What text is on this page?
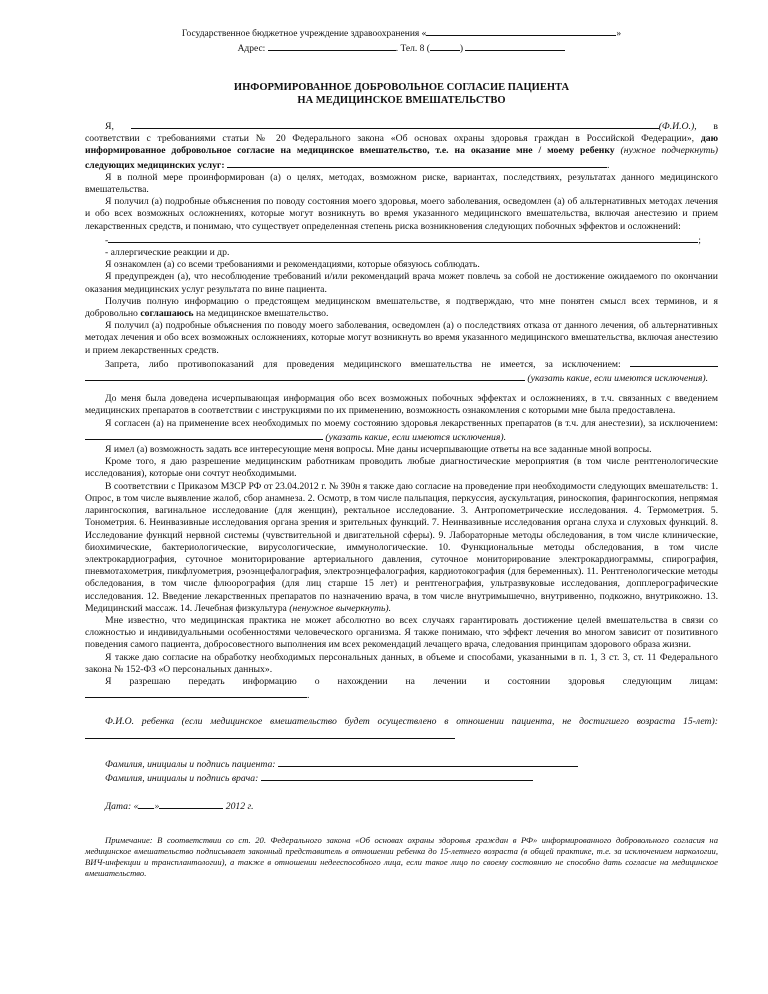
Государственное бюджетное учреждение здравоохранения «	»
Адрес:	. Тел. 8 (	)
ИНФОРМИРОВАННОЕ ДОБРОВОЛЬНОЕ СОГЛАСИЕ ПАЦИЕНТА
НА МЕДИЦИНСКОЕ ВМЕШАТЕЛЬСТВО

Я,	(Ф.И.О.), в соответствии с требованиями статьи № 20 Федерального закона «Об основах охраны здоровья граждан в Российской Федерации», даю информированное добровольное согласие на медицинское вмешательство, т.е. на оказание мне / моему ребенку (нужное подчеркнуть) следующих медицинских услуг:	.

Я в полной мере проинформирован (а) о целях, методах, возможном риске, вариантах, последствиях, результатах данного медицинского вмешательства.

Я получил (а) подробные объяснения по поводу состояния моего здоровья, моего заболевания, осведомлен (а) об альтернативных методах лечения и обо всех возможных осложнениях, которые могут возникнуть во время указанного медицинского вмешательства, включая анестезию и прием лекарственных средств, и понимаю, что существует определенная степень риска возникновения следующих побочных эффектов и осложнений:

-	;

- аллергические реакции и др.

Я ознакомлен (а) со всеми требованиями и рекомендациями, которые обязуюсь соблюдать.

Я предупрежден (а), что несоблюдение требований и/или рекомендаций врача может повлечь за собой не достижение ожидаемого по окончании оказания медицинских услуг результата по вине пациента.

Получив полную информацию о предстоящем медицинском вмешательстве, я подтверждаю, что мне понятен смысл всех терминов, и я добровольно соглашаюсь на медицинское вмешательство.

Я получил (а) подробные объяснения по поводу моего заболевания, осведомлен (а) о последствиях отказа от данного лечения, об альтернативных методах лечения и обо всех возможных осложнениях, которые могут возникнуть во время указанного медицинского вмешательства, включая анестезию и прием лекарственных средств.

Запрета, либо противопоказаний для проведения медицинского вмешательства не имеется, за исключением:   (указать какие, если имеются исключения).

До меня была доведена исчерпывающая информация обо всех возможных побочных эффектах и осложнениях, в т.ч. связанных с введением медицинских препаратов в соответствии с инструкциями по их применению, возможность ознакомления с которыми мне была предоставлена.

Я согласен (а) на применение всех необходимых по моему состоянию здоровья лекарственных препаратов (в т.ч. для анестезии), за исключением:  (указать какие, если имеются исключения).

Я имел (а) возможность задать все интересующие меня вопросы. Мне даны исчерпывающие ответы на все заданные мной вопросы.

Кроме того, я даю разрешение медицинским работникам проводить любые диагностические мероприятия (в том числе рентгенологические исследования), которые они сочтут необходимыми.

В соответствии с Приказом МЗСР РФ от 23.04.2012 г. № 390н я также даю согласие на проведение при необходимости следующих вмешательств: 1. Опрос, в том числе выявление жалоб, сбор анамнеза. 2. Осмотр, в том числе пальпация, перкуссия, аускультация, риноскопия, фарингоскопия, непрямая ларингоскопия, вагинальное исследование (для женщин), ректальное исследование. 3. Антропометрические исследования. 4. Термометрия. 5. Тонометрия. 6. Неинвазивные исследования органа зрения и зрительных функций. 7. Неинвазивные исследования органа слуха и слуховых функций. 8. Исследование функций нервной системы (чувствительной и двигательной сферы). 9. Лабораторные методы обследования, в том числе клинические, биохимические, бактериологические, вирусологические, иммунологические. 10. Функциональные методы обследования, в том числе электрокардиография, суточное мониторирование артериального давления, суточное мониторирование электрокардиограммы, спирография, пневмотахометрия, пикфлуометрия, рэоэнцефалография, электроэнцефалография, кардиотокография (для беременных). 11. Рентгенологические методы обследования, в том числе флюорография (для лиц старше 15 лет) и рентгенография, ультразвуковые исследования, допплерографические исследования. 12. Введение лекарственных препаратов по назначению врача, в том числе внутримышечно, внутривенно, подкожно, внутрикожно. 13. Медицинский массаж. 14. Лечебная физкультура (ненужное вычеркнуть).

Мне известно, что медицинская практика не может абсолютно во всех случаях гарантировать достижение целей вмешательства в связи со сложностью и индивидуальными особенностями человеческого организма. Я также понимаю, что эффект лечения во многом зависит от позитивного поведения самого пациента, добросовестного выполнения им всех рекомендаций лечащего врача, следования принципам здорового образа жизни.

Я также даю согласие на обработку необходимых персональных данных, в объеме и способами, указанными в п. 1, 3 ст. 3, ст. 11 Федерального закона № 152-ФЗ «О персональных данных».

Я разрешаю передать информацию о нахождении на лечении и состоянии здоровья следующим лицам:

.

Ф.И.О. ребенка (если медицинское вмешательство будет осуществлено в отношении пациента, не достигшего возраста 15-лет):

Фамилия, инициалы и подпись пациента:

Фамилия, инициалы и подпись врача:

Дата: « »	2012 г.

Примечание: В соответствии со ст. 20. Федерального закона «Об основах охраны здоровья граждан в РФ» информированного добровольного согласия на медицинское вмешательство подписывает законный представитель в отношении ребенка до 15-летнего возраста (в общей практике, т.е. за исключением наркологии, ВИЧ-инфекции и трансплантологии), а также в отношении недееспособного лица, если такое лицо по своему состоянию не способно дать согласие на медицинское вмешательство.
